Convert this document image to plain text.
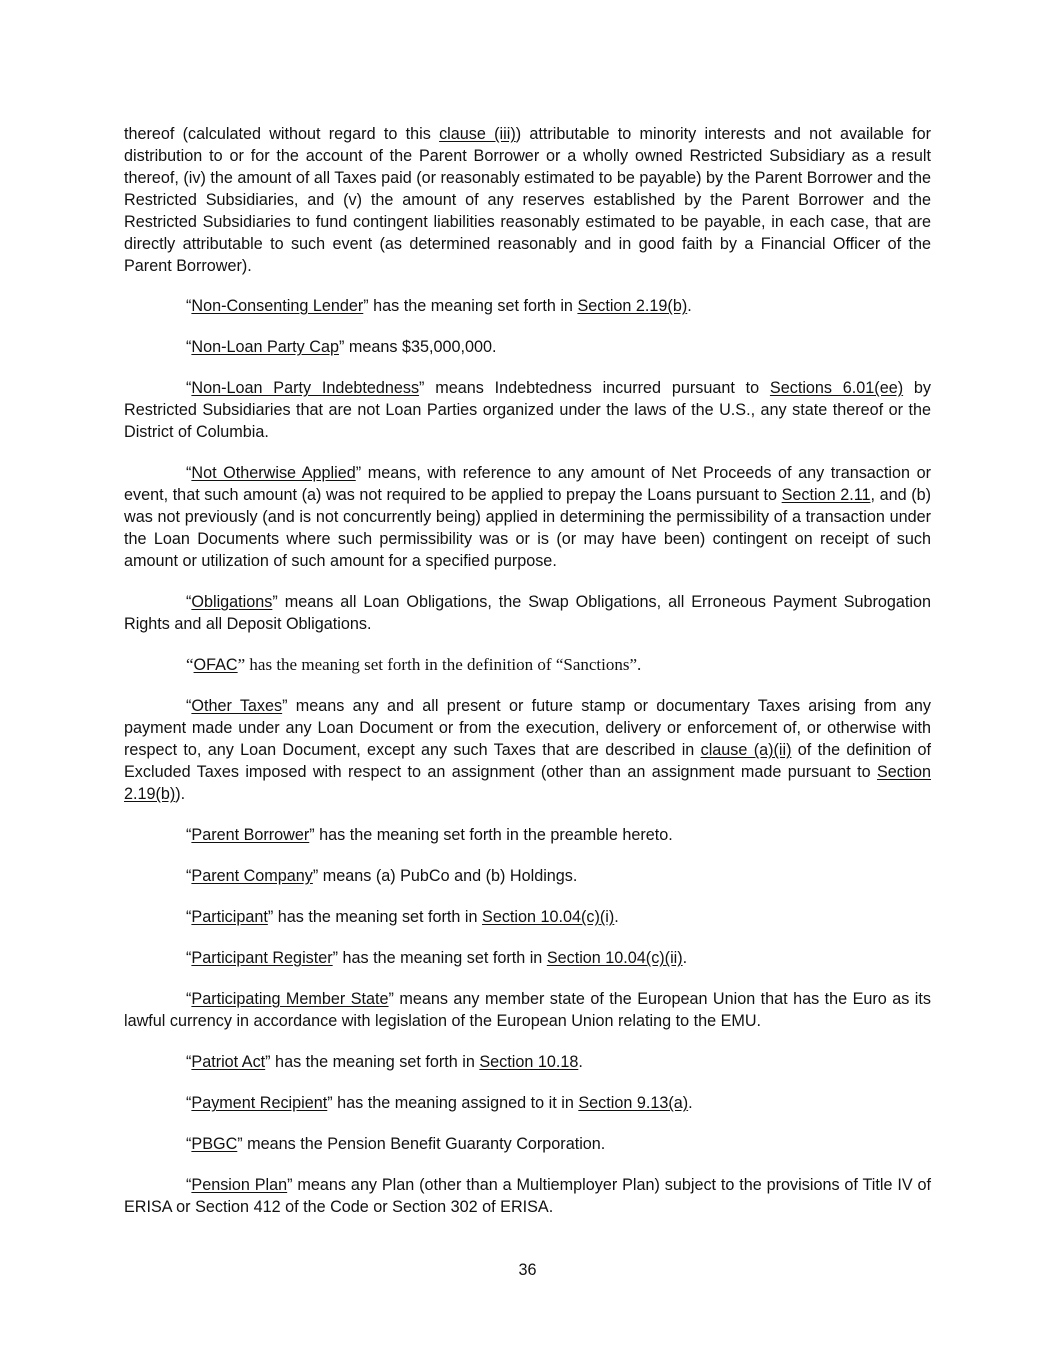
thereof (calculated without regard to this clause (iii)) attributable to minority interests and not available for distribution to or for the account of the Parent Borrower or a wholly owned Restricted Subsidiary as a result thereof, (iv) the amount of all Taxes paid (or reasonably estimated to be payable) by the Parent Borrower and the Restricted Subsidiaries, and (v) the amount of any reserves established by the Parent Borrower and the Restricted Subsidiaries to fund contingent liabilities reasonably estimated to be payable, in each case, that are directly attributable to such event (as determined reasonably and in good faith by a Financial Officer of the Parent Borrower).

“Non-Consenting Lender” has the meaning set forth in Section 2.19(b).

“Non-Loan Party Cap” means $35,000,000.

“Non-Loan Party Indebtedness” means Indebtedness incurred pursuant to Sections 6.01(ee) by Restricted Subsidiaries that are not Loan Parties organized under the laws of the U.S., any state thereof or the District of Columbia.

“Not Otherwise Applied” means, with reference to any amount of Net Proceeds of any transaction or event, that such amount (a) was not required to be applied to prepay the Loans pursuant to Section 2.11, and (b) was not previously (and is not concurrently being) applied in determining the permissibility of a transaction under the Loan Documents where such permissibility was or is (or may have been) contingent on receipt of such amount or utilization of such amount for a specified purpose.

“Obligations” means all Loan Obligations, the Swap Obligations, all Erroneous Payment Subrogation Rights and all Deposit Obligations.

“OFAC” has the meaning set forth in the definition of “Sanctions”.

“Other Taxes” means any and all present or future stamp or documentary Taxes arising from any payment made under any Loan Document or from the execution, delivery or enforcement of, or otherwise with respect to, any Loan Document, except any such Taxes that are described in clause (a)(ii) of the definition of Excluded Taxes imposed with respect to an assignment (other than an assignment made pursuant to Section 2.19(b)).

“Parent Borrower” has the meaning set forth in the preamble hereto.

“Parent Company” means (a) PubCo and (b) Holdings.

“Participant” has the meaning set forth in Section 10.04(c)(i).

“Participant Register” has the meaning set forth in Section 10.04(c)(ii).

“Participating Member State” means any member state of the European Union that has the Euro as its lawful currency in accordance with legislation of the European Union relating to the EMU.

“Patriot Act” has the meaning set forth in Section 10.18.

“Payment Recipient” has the meaning assigned to it in Section 9.13(a).

“PBGC” means the Pension Benefit Guaranty Corporation.

“Pension Plan” means any Plan (other than a Multiemployer Plan) subject to the provisions of Title IV of ERISA or Section 412 of the Code or Section 302 of ERISA.

36
